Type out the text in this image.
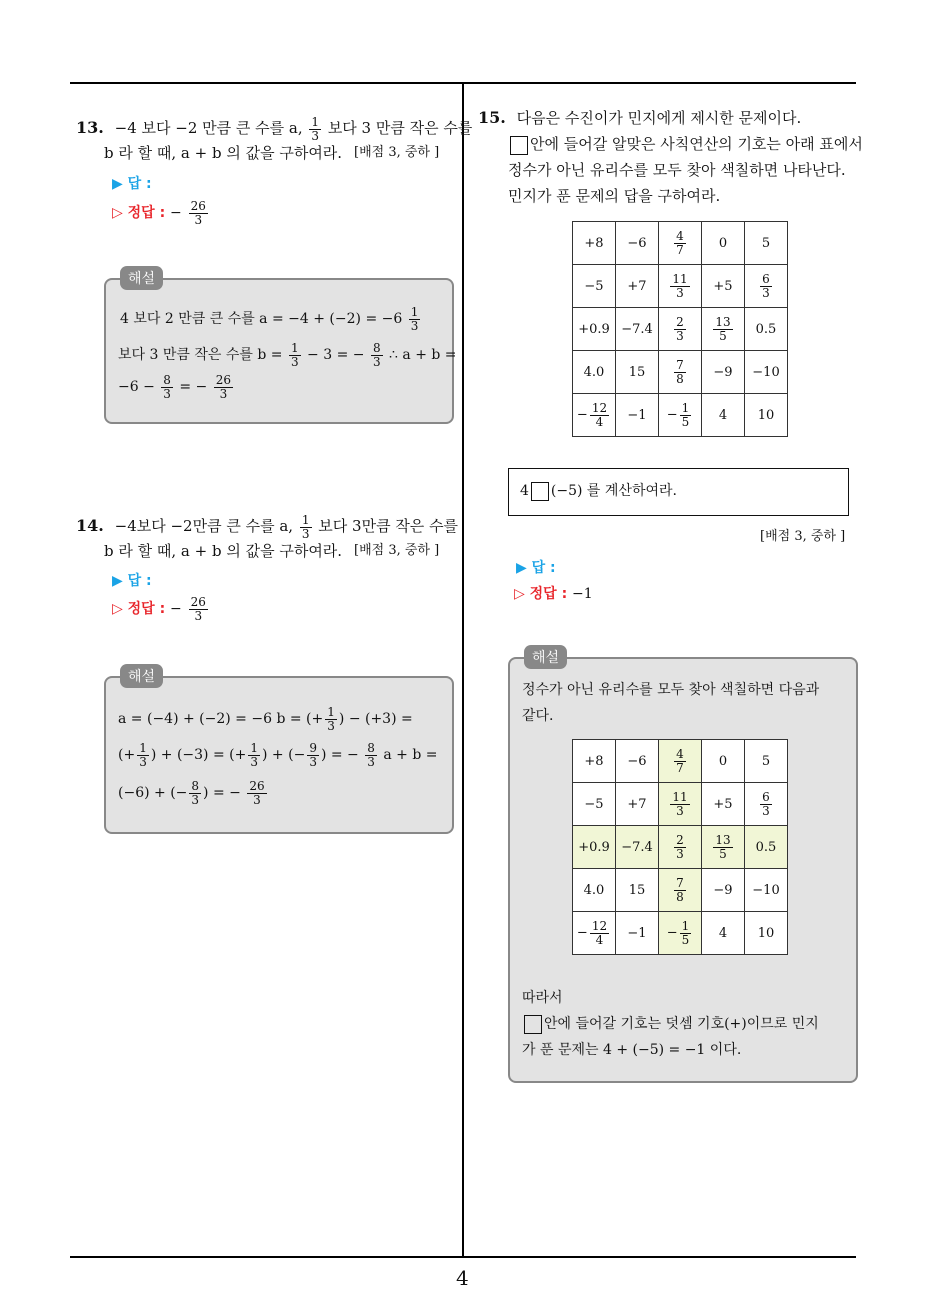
4
13. −4 보다 −2 만큼 큰 수를 a, $\frac{1}{3}$ 보다 3 만큼 작은 수를
b 라 할 때, a + b 의 값을 구하여라. [배점 3, 중하 ]
▶ 답 :
▷ 정답 : − $\frac{26}{3}$
해설
4 보다 2 만큼 큰 수를 $a = -4 + (-2) = -6 \frac{1}{3}$
보다 3 만큼 작은 수를 $b = \frac{1}{3} - 3$ = − $\frac{8}{3}$ ∴ a + b =
$-6 - \frac{8}{3}$ = − $\frac{26}{3}$
14. −4보다 −2만큼 큰 수를 a, $\frac{1}{3}$ 보다 3만큼 작은 수를
b 라 할 때, a + b 의 값을 구하여라. [배점 3, 중하 ]
▶ 답 :
▷ 정답 : − $\frac{26}{3}$
해설
a = (−4) + (−2) = −6 b = (+ $\frac{1}{3}$ ) − (+3) =
(+ $\frac{1}{3}$ ) + (−3) = (+ $\frac{1}{3}$ ) + (− $\frac{9}{3}$ ) = − $\frac{8}{3}$ a + b =
(−6) + (− $\frac{8}{3}$ ) = − $\frac{26}{3}$
15. 다음은 수진이가 민지에게 제시한 문제이다.
안에 들어갈 알맞은 사칙연산의 기호는 아래 표에서
정수가 아닌 유리수를 모두 찾아 색칠하면 나타난다.
민지가 푼 문제의 답을 구하여라.
+8	−6	$\frac{4}{7}$	0	5
−5	+7	$\frac{11}{3}$	+5	$\frac{6}{3}$

+0.9	−7.4	$\frac{2}{3}$	$\frac{13}{5}$	0.5
4.0	15	$\frac{7}{8}$	−9	−10
− $\frac{12}{4}$	−1	− $\frac{1}{5}$	4	10
4 (−5) 를 계산하여라.
[배점 3, 중하 ]
▶ 답 :
▷ 정답 : −1
해설
정수가 아닌 유리수를 모두 찾아 색칠하면 다음과
같다.
+8	−6	$\frac{4}{7}$	0	5
−5	+7	$\frac{11}{3}$	+5	$\frac{6}{3}$

+0.9	−7.4	$\frac{2}{3}$	$\frac{13}{5}$	0.5
4.0	15	$\frac{7}{8}$	−9	−10
− $\frac{12}{4}$	−1	− $\frac{1}{5}$	4	10
따라서
안에 들어갈 기호는 덧셈 기호(+)이므로 민지
가 푼 문제는 4 + (−5) = −1 이다.
